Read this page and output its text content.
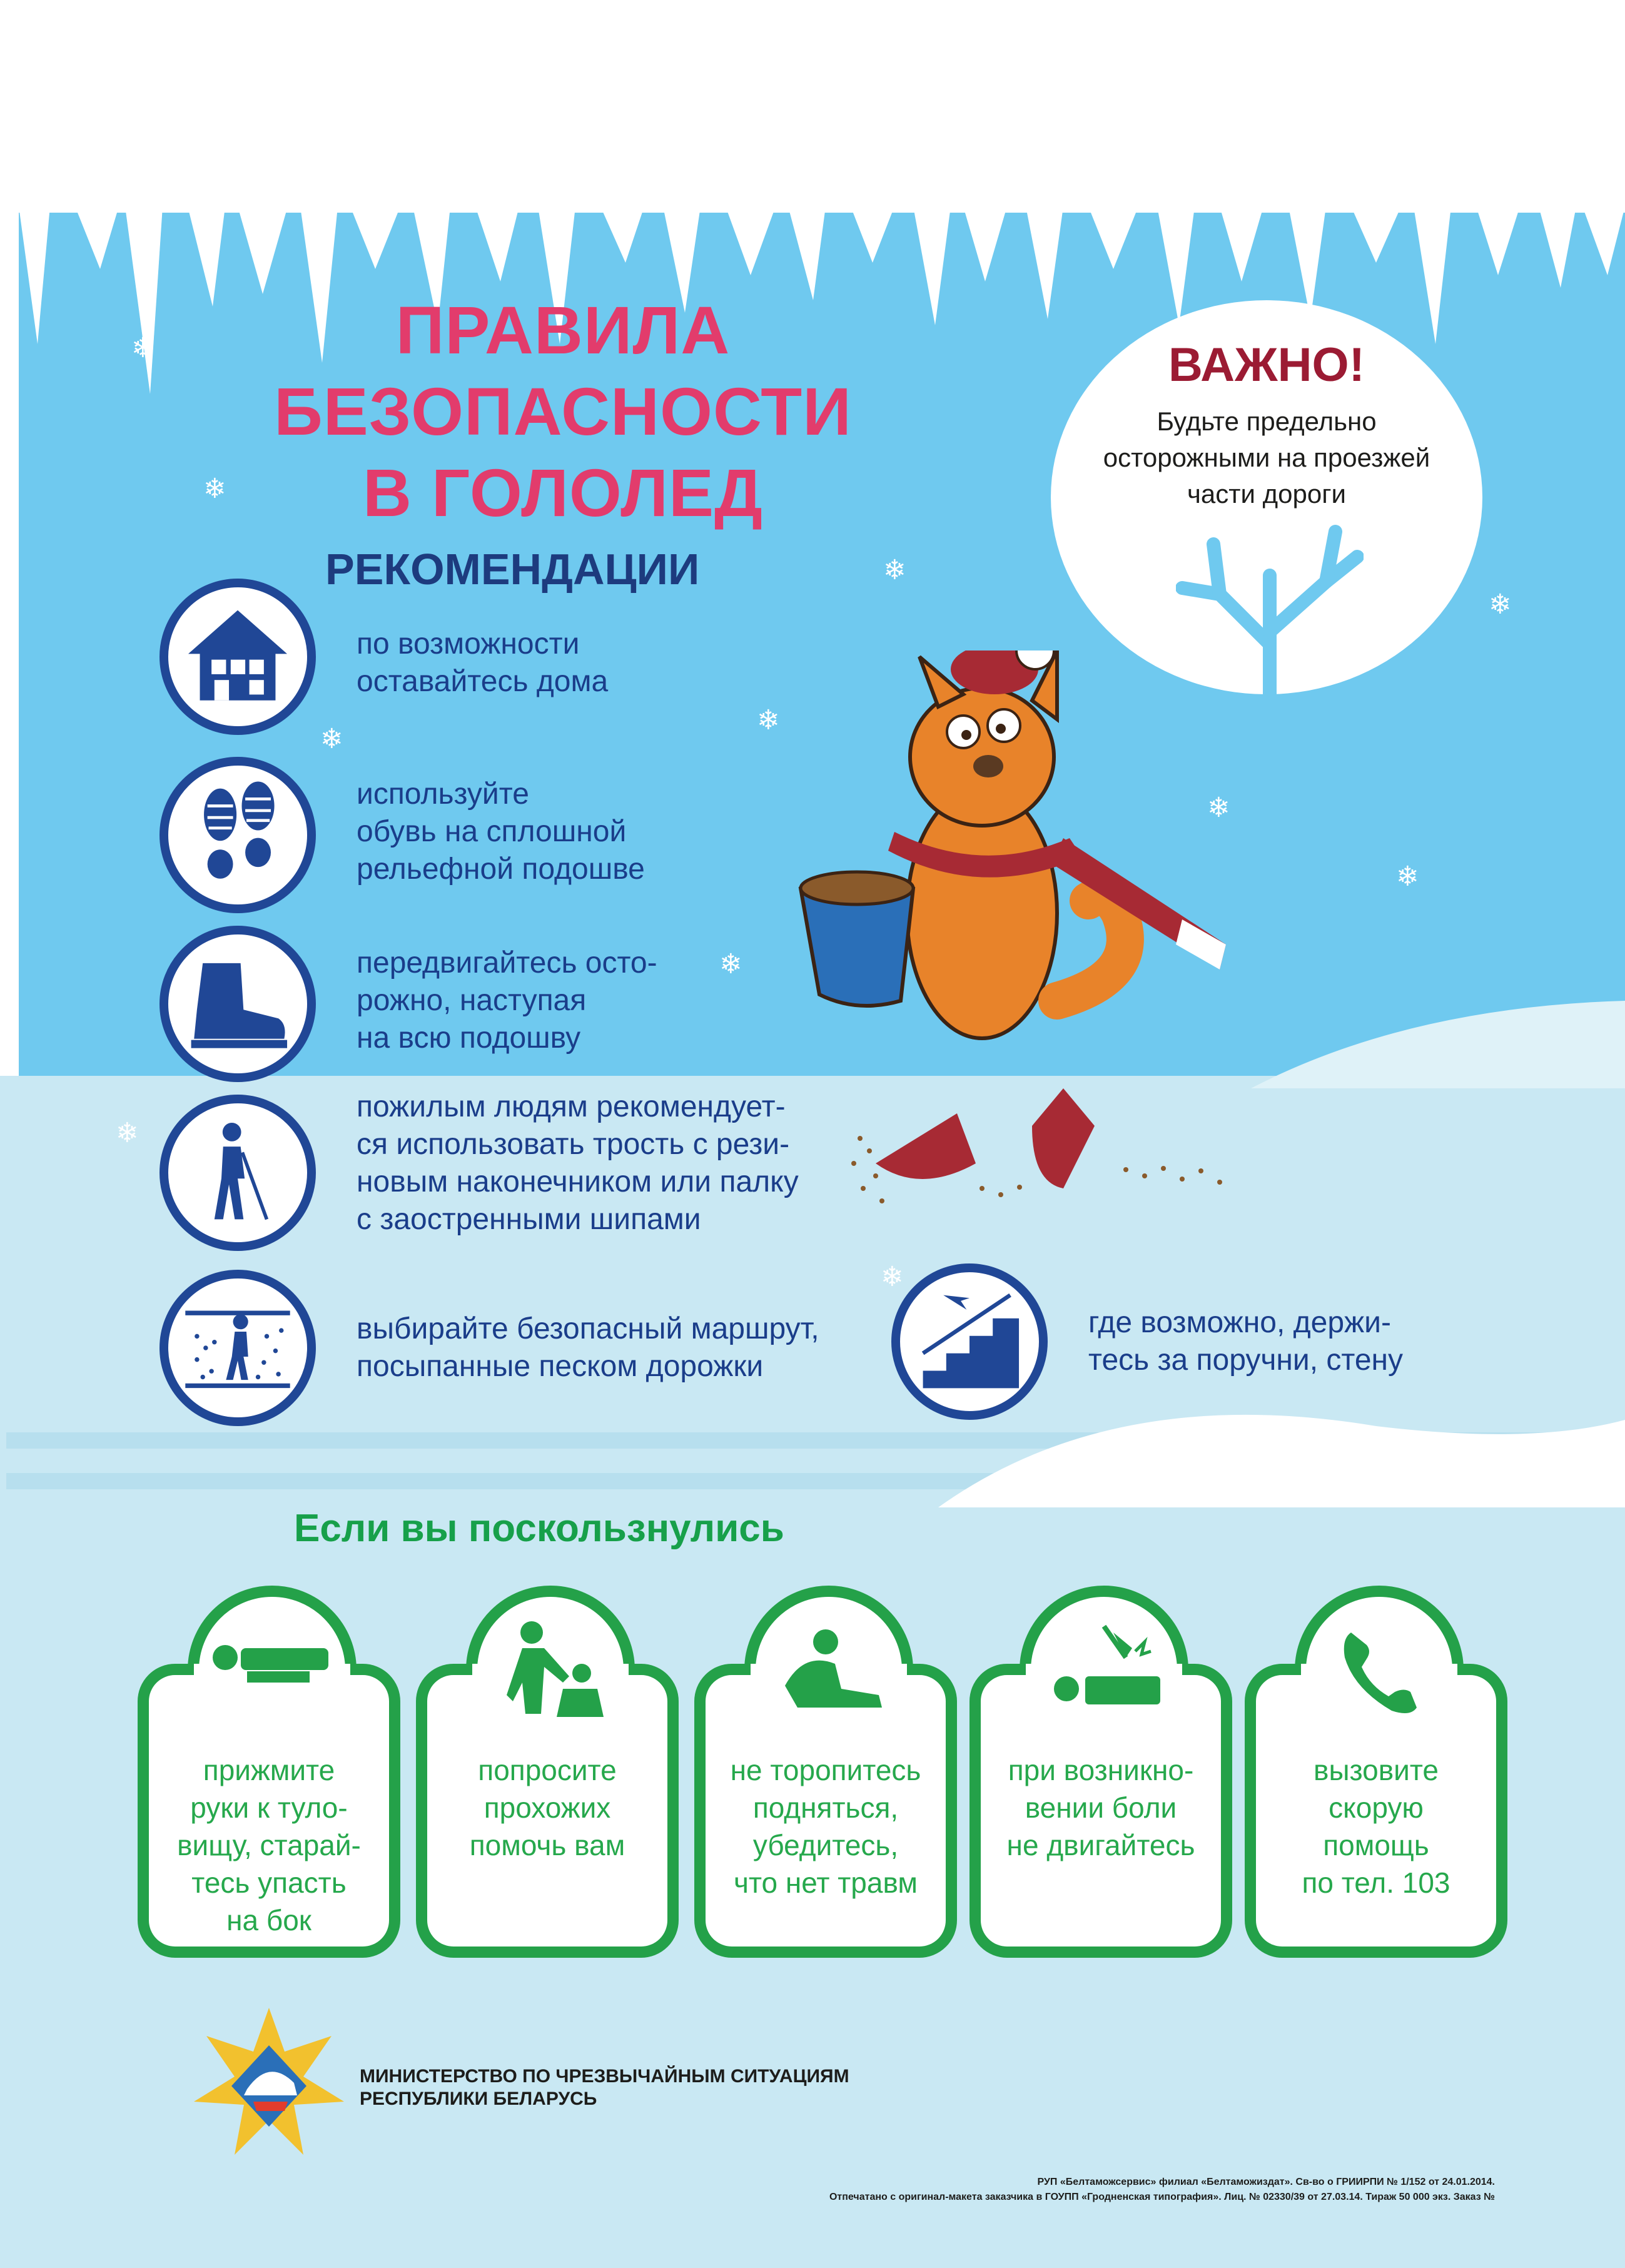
❄
❄
❄
❄
❄
❄
❄
❄
❄
❄
❄
ПРАВИЛА
БЕЗОПАСНОСТИ
В ГОЛОЛЕД
РЕКОМЕНДАЦИИ
ВАЖНО!
Будьте предельно
осторожными на проезжей
части дороги
по возможности
оставайтесь дома
используйте
обувь на сплошной
рельефной подошве
передвигайтесь осто-
рожно, наступая
на всю подошву
пожилым людям рекомендует-
ся использовать трость с рези-
новым наконечником или палку
с заостренными шипами
выбирайте безопасный маршрут,
посыпанные песком дорожки
где возможно, держи-
тесь за поручни, стену
Если вы поскользнулись
прижмите
руки к туло-
вищу, старай-
тесь упасть
на бок
попросите
прохожих
помочь вам
не торопитесь
подняться,
убедитесь,
что нет травм
при возникно-
вении боли
не двигайтесь
вызовите
скорую
помощь
по тел. 103
МИНИСТЕРСТВО ПО ЧРЕЗВЫЧАЙНЫМ СИТУАЦИЯМ
РЕСПУБЛИКИ БЕЛАРУСЬ
РУП «Белтаможсервис» филиал «Белтаможиздат». Св-во о ГРИИРПИ № 1/152 от 24.01.2014.
Отпечатано с оригинал-макета заказчика в ГОУПП «Гродненская типография». Лиц. № 02330/39 от 27.03.14. Тираж 50 000 экз. Заказ №
